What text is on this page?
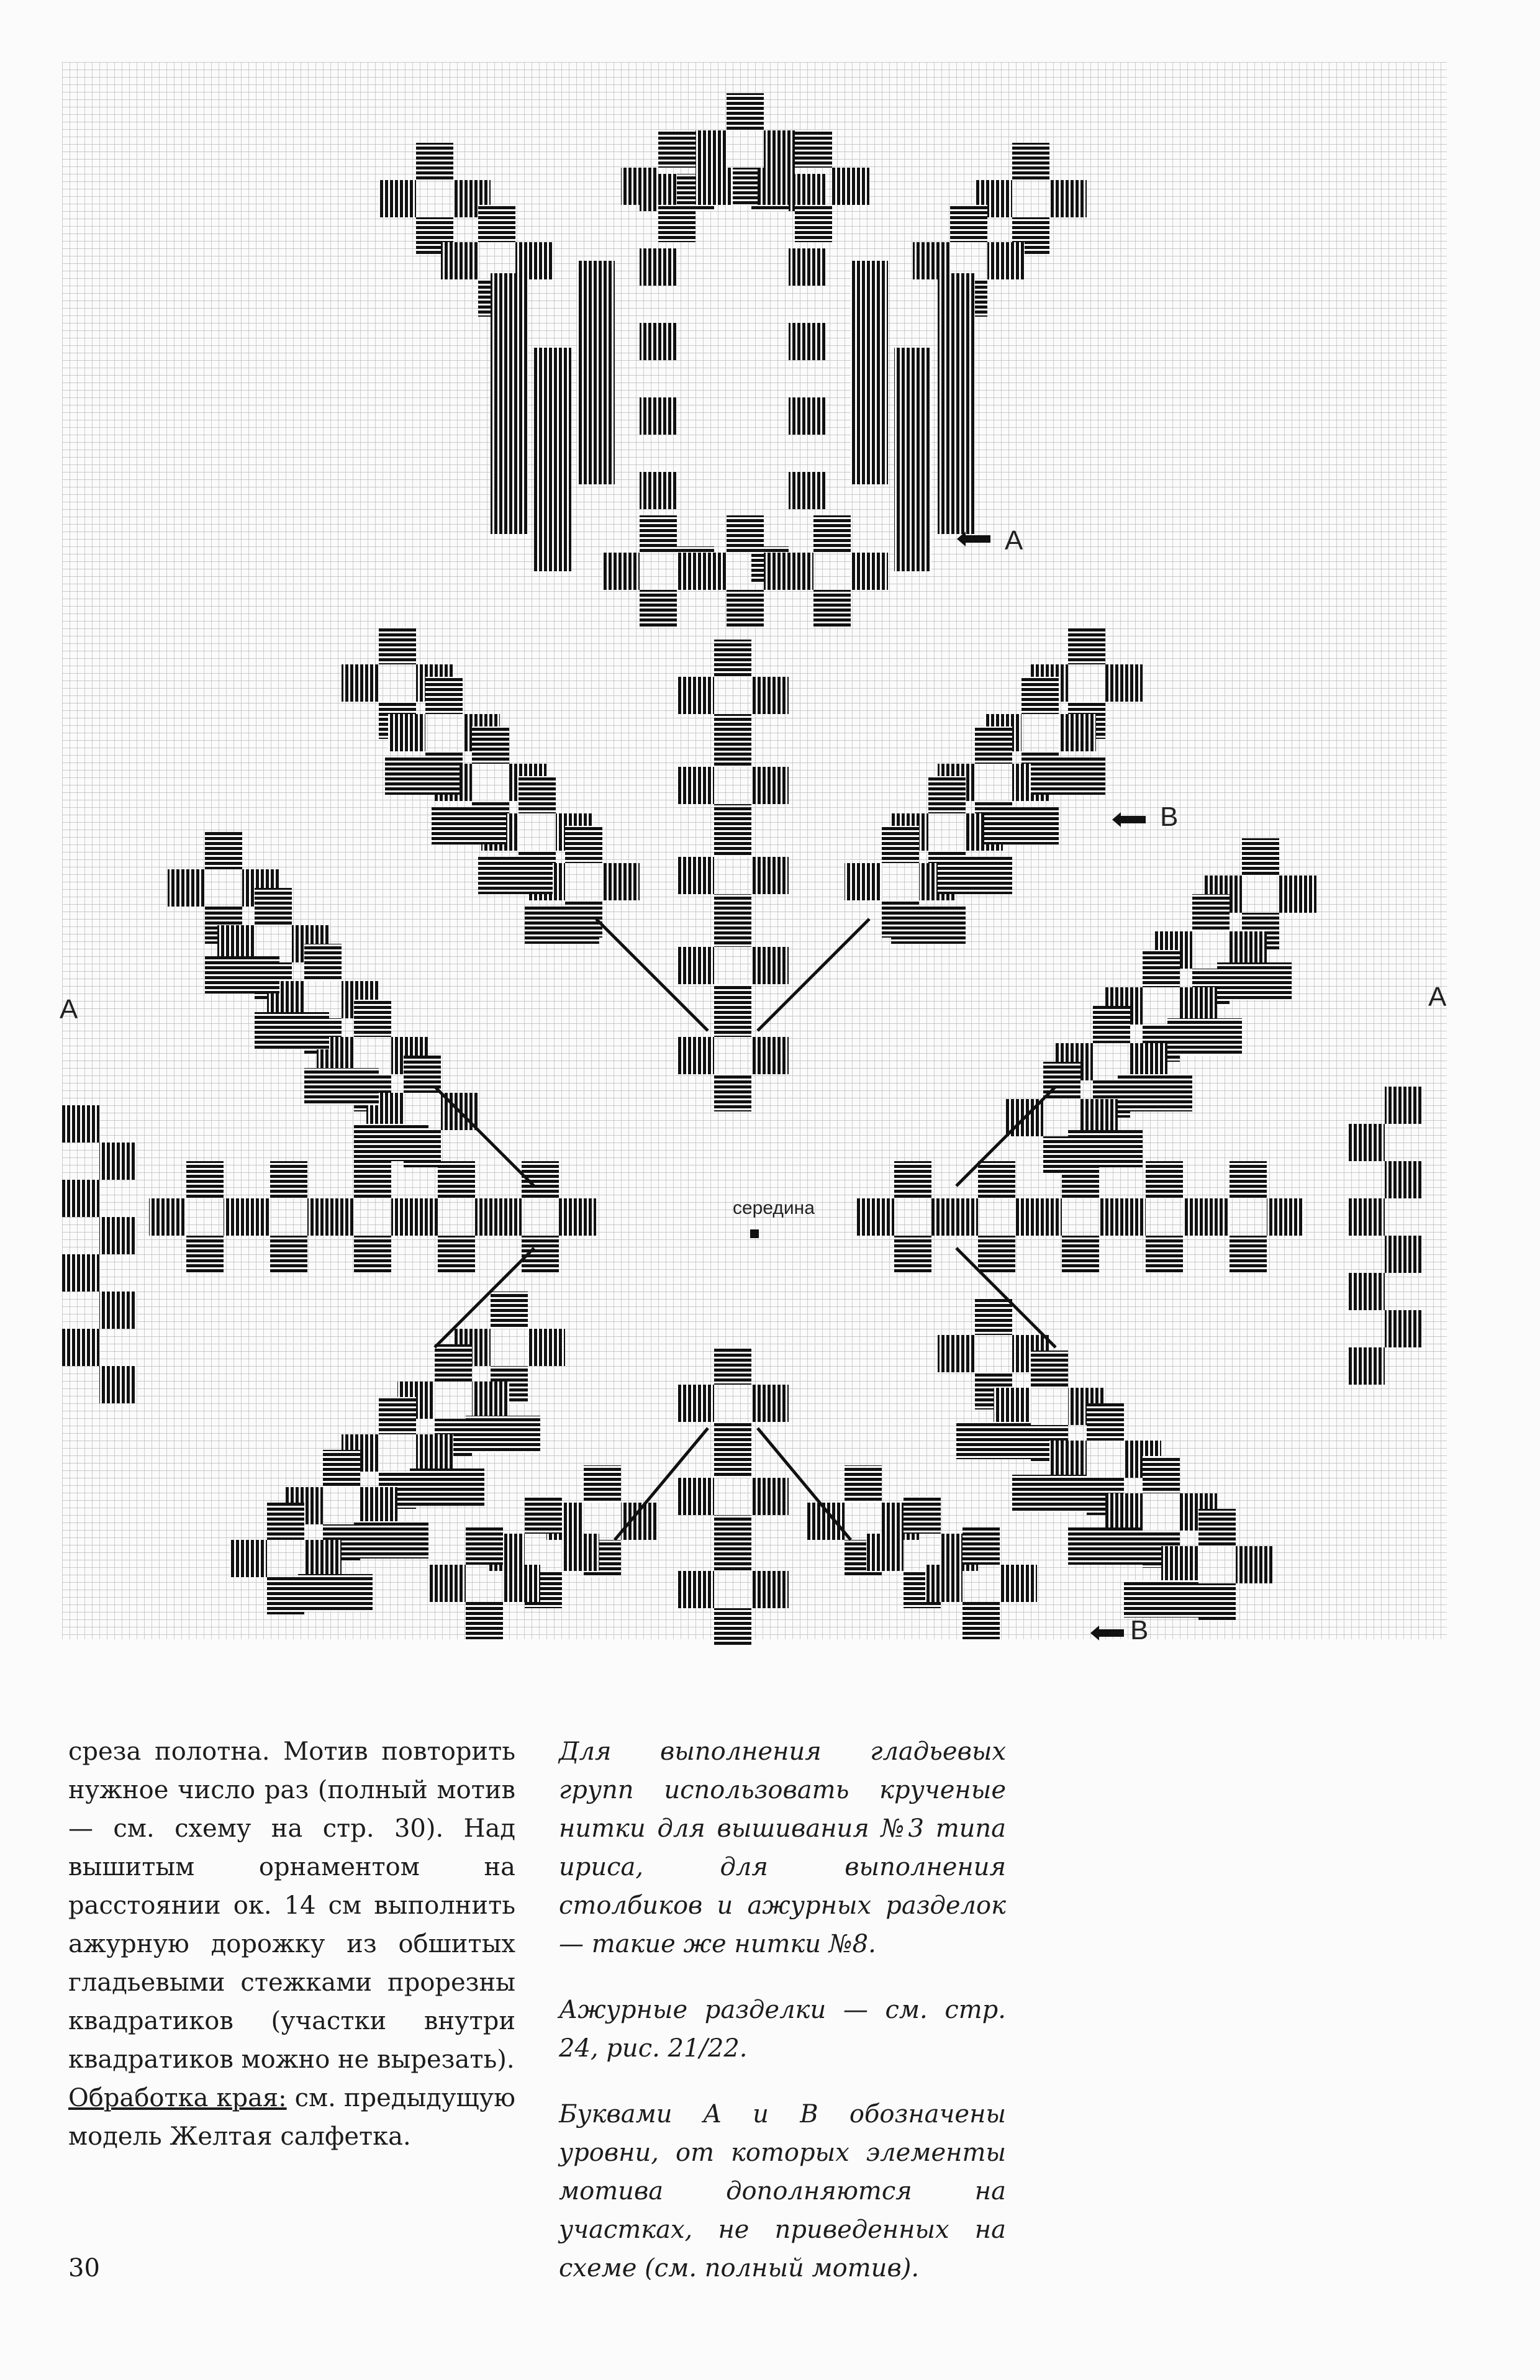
середина
A
B
A	A
B

среза полотна. Мотив повторить нужное число раз (полный мотив — см. схему на стр. 30). Над вышитым орнаментом на расстоянии ок. 14 см выполнить ажурную дорожку из обшитых гладьевыми стежками прорезны квадратиков (участки внутри квадратиков можно не вырезать).

Обработка края: см. предыдущую модель Желтая салфетка.

Для выполнения гладьевых групп использовать крученые нитки для вышивания №3 типа ириса, для выполнения столбиков и ажурных разделок — такие же нитки №8.

Ажурные разделки — см. стр. 24, рис. 21/22.

Буквами A и B обозначены уровни, от которых элементы мотива дополняются на участках, не приведенных на схеме (см. полный мотив).

30
